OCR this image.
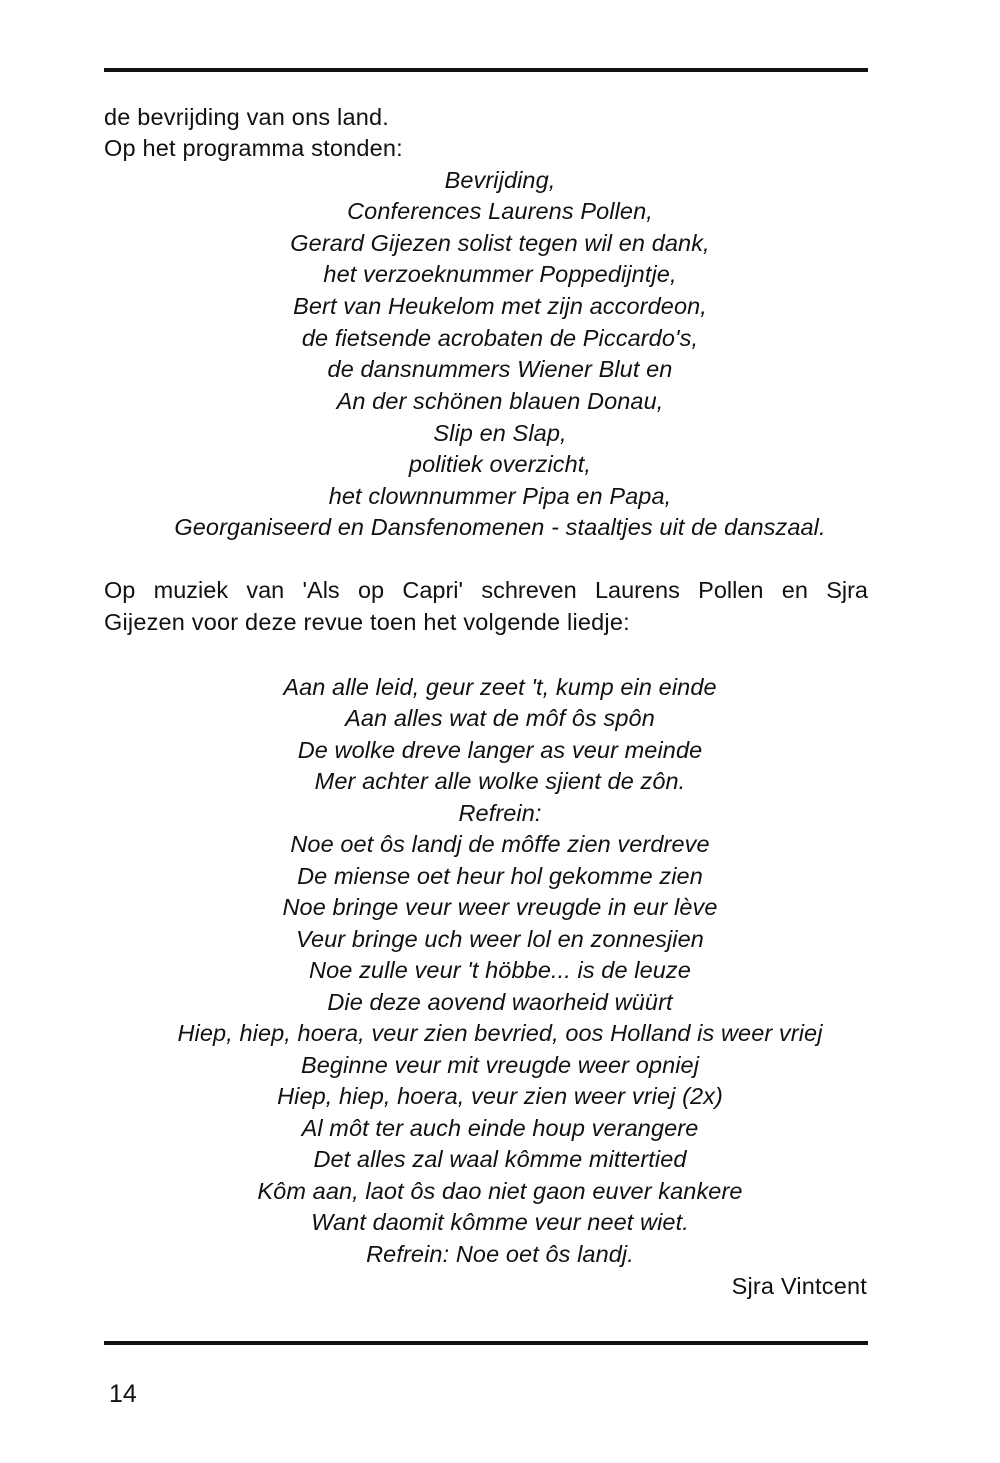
de bevrijding van ons land.
Op het programma stonden:
Bevrijding,
Conferences Laurens Pollen,
Gerard Gijezen solist tegen wil en dank,
het verzoeknummer Poppedijntje,
Bert van Heukelom met zijn accordeon,
de fietsende acrobaten de Piccardo's,
de dansnummers Wiener Blut en
An der schönen blauen Donau,
Slip en Slap,
politiek overzicht,
het clownnummer Pipa en Papa,
Georganiseerd en Dansfenomenen - staaltjes uit de danszaal.
Op muziek van 'Als op Capri' schreven Laurens Pollen en Sjra
Gijezen voor deze revue toen het volgende liedje:
Aan alle leid, geur zeet 't, kump ein einde
Aan alles wat de môf ôs spôn
De wolke dreve langer as veur meinde
Mer achter alle wolke sjient de zôn.
Refrein:
Noe oet ôs landj de môffe zien verdreve
De miense oet heur hol gekomme zien
Noe bringe veur weer vreugde in eur lève
Veur bringe uch weer lol en zonnesjien
Noe zulle veur 't höbbe... is de leuze
Die deze aovend waorheid wüürt
Hiep, hiep, hoera, veur zien bevried, oos Holland is weer vriej
Beginne veur mit vreugde weer opniej
Hiep, hiep, hoera, veur zien weer vriej (2x)
Al môt ter auch einde houp verangere
Det alles zal waal kômme mittertied
Kôm aan, laot ôs dao niet gaon euver kankere
Want daomit kômme veur neet wiet.
Refrein: Noe oet ôs landj.
Sjra Vintcent
14
